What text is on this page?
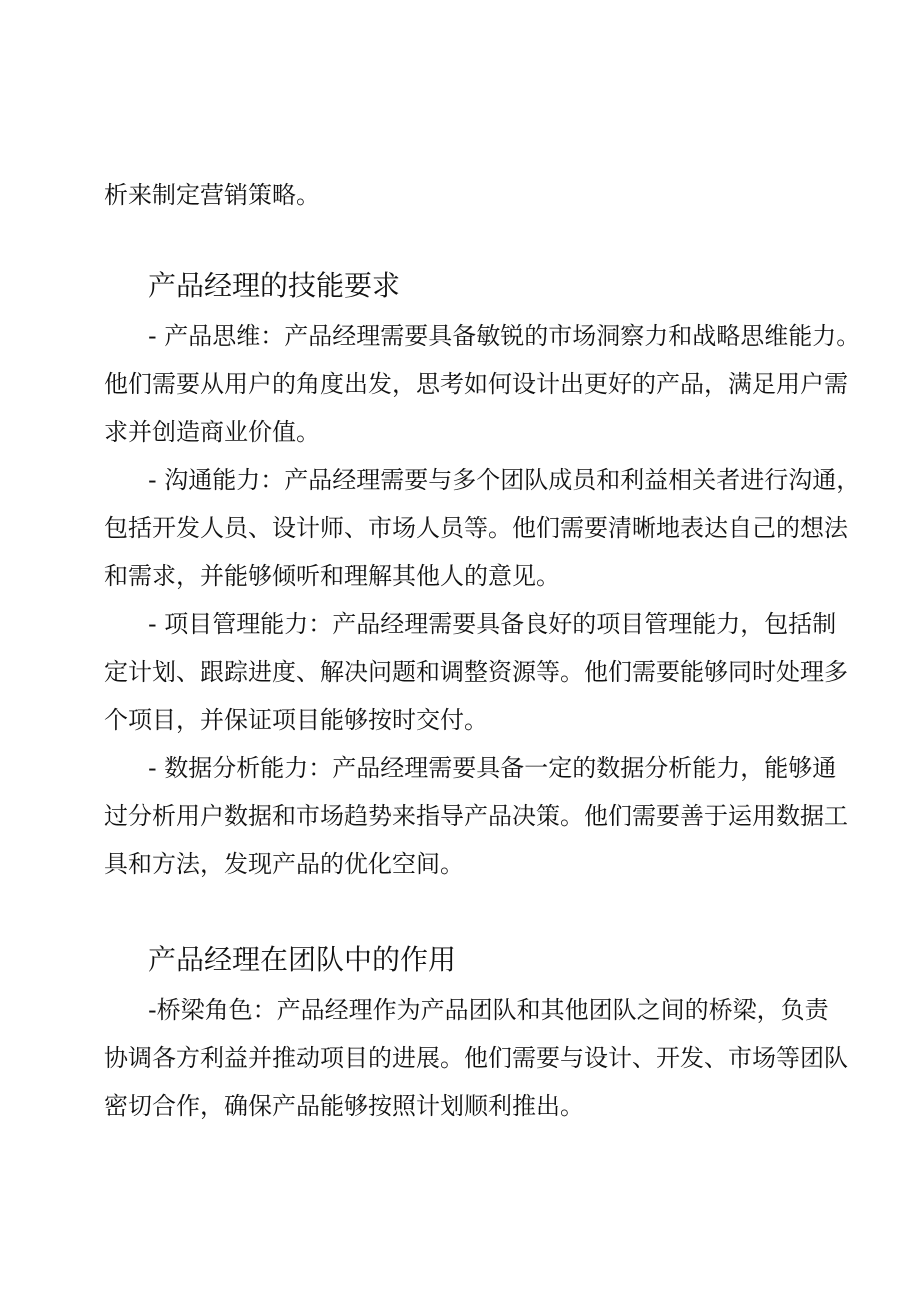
析来制定营销策略。
产品经理的技能要求
- 产品思维：产品经理需要具备敏锐的市场洞察力和战略思维能力。
他们需要从用户的角度出发，思考如何设计出更好的产品，满足用户需
求并创造商业价值。
- 沟通能力：产品经理需要与多个团队成员和利益相关者进行沟通，
包括开发人员、设计师、市场人员等。他们需要清晰地表达自己的想法
和需求，并能够倾听和理解其他人的意见。
- 项目管理能力：产品经理需要具备良好的项目管理能力，包括制
定计划、跟踪进度、解决问题和调整资源等。他们需要能够同时处理多
个项目，并保证项目能够按时交付。
- 数据分析能力：产品经理需要具备一定的数据分析能力，能够通
过分析用户数据和市场趋势来指导产品决策。他们需要善于运用数据工
具和方法，发现产品的优化空间。
产品经理在团队中的作用
-桥梁角色：产品经理作为产品团队和其他团队之间的桥梁，负责
协调各方利益并推动项目的进展。他们需要与设计、开发、市场等团队
密切合作，确保产品能够按照计划顺利推出。
